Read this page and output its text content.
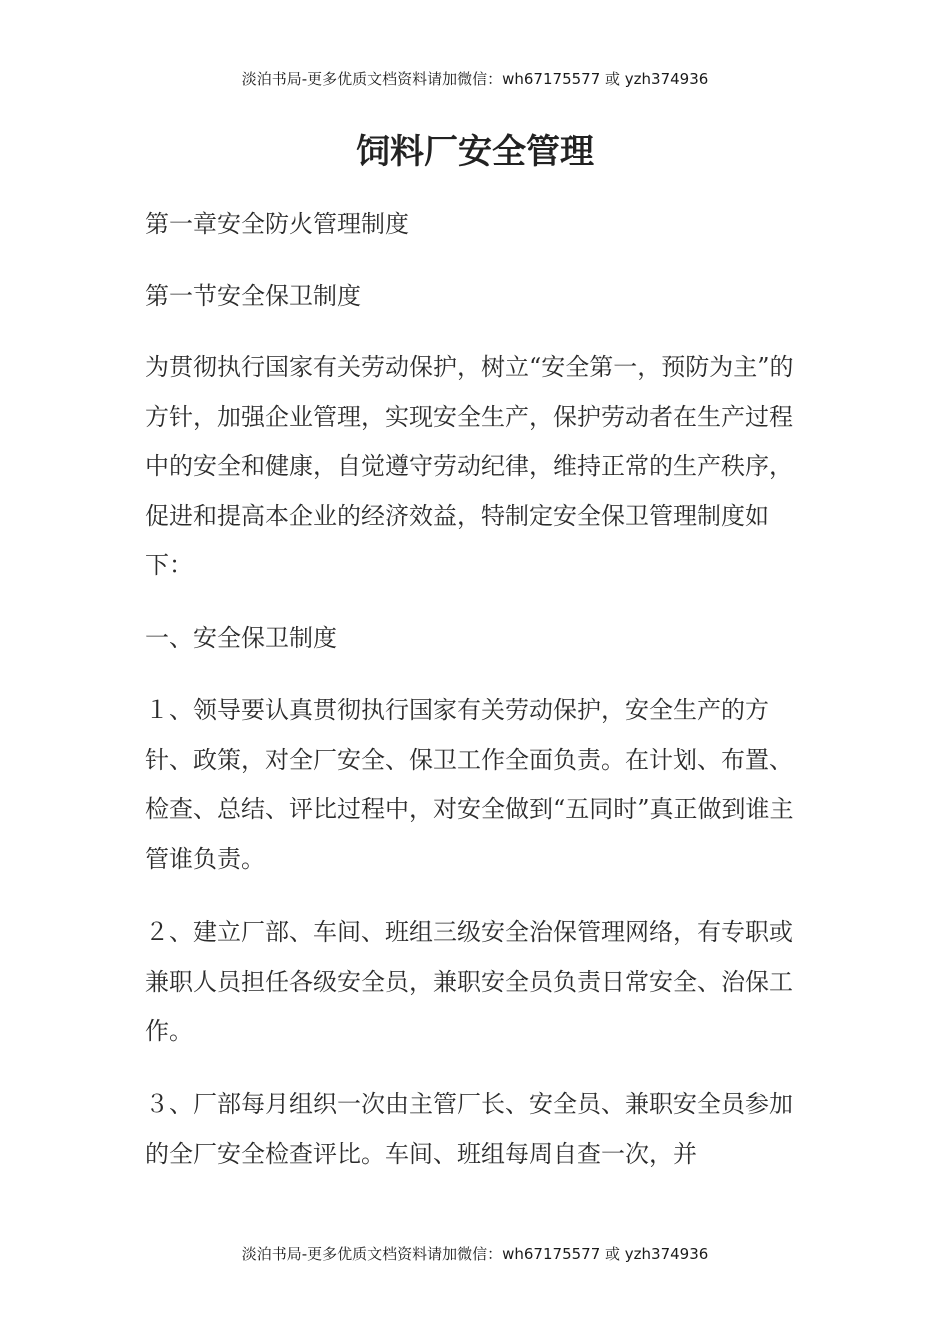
淡泊书局-更多优质文档资料请加微信：wh67175577 或 yzh374936
饲料厂安全管理

第一章安全防火管理制度

第一节安全保卫制度

为贯彻执行国家有关劳动保护，树立“安全第一，预防为主”的方针，加强企业管理，实现安全生产，保护劳动者在生产过程中的安全和健康，自觉遵守劳动纪律，维持正常的生产秩序，促进和提高本企业的经济效益，特制定安全保卫管理制度如下：

一、安全保卫制度

１、领导要认真贯彻执行国家有关劳动保护，安全生产的方针、政策，对全厂安全、保卫工作全面负责。在计划、布置、检查、总结、评比过程中，对安全做到“五同时”真正做到谁主管谁负责。

２、建立厂部、车间、班组三级安全治保管理网络，有专职或兼职人员担任各级安全员，兼职安全员负责日常安全、治保工作。

３、厂部每月组织一次由主管厂长、安全员、兼职安全员参加的全厂安全检查评比。车间、班组每周自查一次，并

淡泊书局-更多优质文档资料请加微信：wh67175577 或 yzh374936
